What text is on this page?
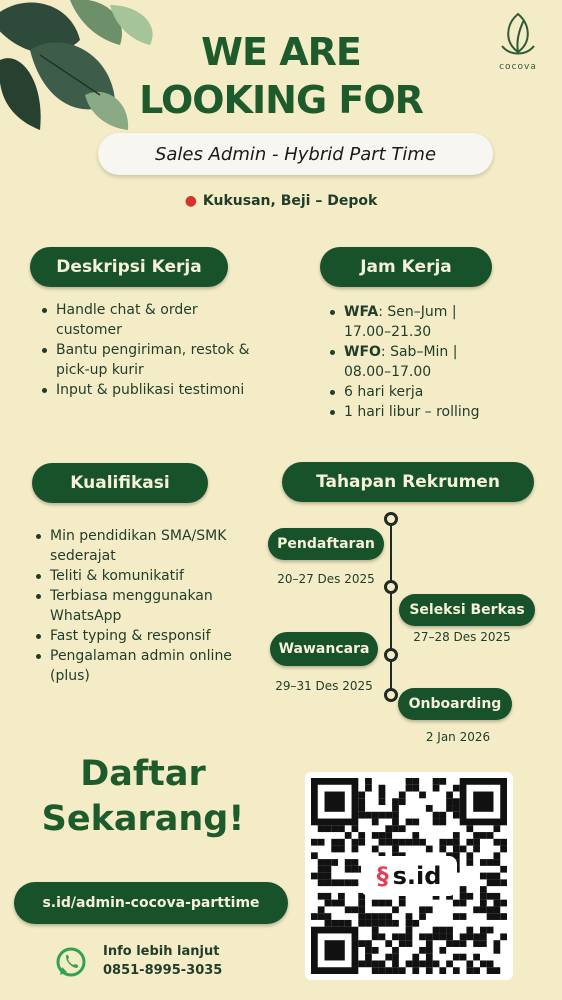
cocova
WE ARE
LOOKING FOR
Sales Admin - Hybrid Part Time
● Kukusan, Beji – Depok
Deskripsi Kerja
Handle chat & order customer
Bantu pengiriman, restok & pick-up kurir
Input & publikasi testimoni
Jam Kerja
WFA: Sen–Jum | 17.00–21.30
WFO: Sab–Min | 08.00–17.00
6 hari kerja
1 hari libur – rolling
Kualifikasi
Min pendidikan SMA/SMK sederajat
Teliti & komunikatif
Terbiasa menggunakan WhatsApp
Fast typing & responsif
Pengalaman admin online (plus)
Tahapan Rekrumen
Pendaftaran
20–27 Des 2025
Seleksi Berkas
27–28 Des 2025
Wawancara
29–31 Des 2025
Onboarding
2 Jan 2026
Daftar
Sekarang!
s.id/admin-cocova-parttime
Info lebih lanjut
0851-8995-3035
§ s.id
